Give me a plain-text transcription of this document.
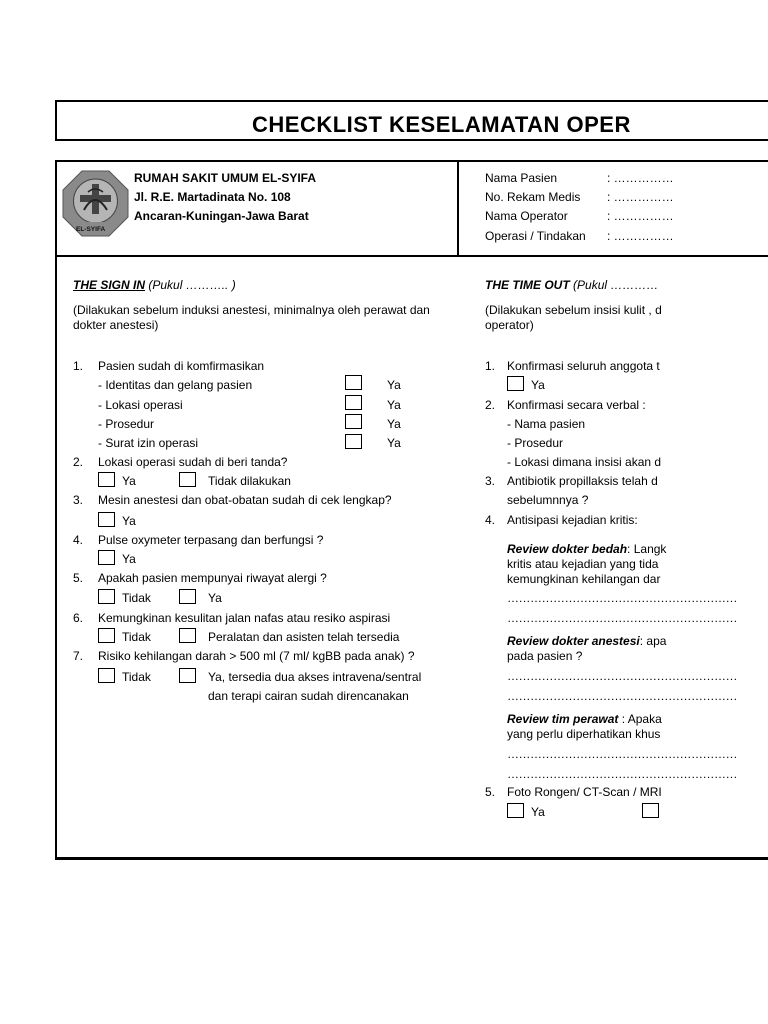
CHECKLIST KESELAMATAN OPER
EL-SYIFA
RUMAH SAKIT UMUM EL-SYIFA
Jl. R.E. Martadinata No. 108
Ancaran-Kuningan-Jawa Barat
Nama Pasien	: ……………
No. Rekam Medis : ……………
Nama Operator	: ……………
Operasi / Tindakan : ……………
THE SIGN IN (Pukul ……….. )
(Dilakukan sebelum induksi anestesi, minimalnya oleh perawat dan
dokter anestesi)
1. Pasien sudah di komfirmasikan
- Identitas dan gelang pasien	Ya
- Lokasi operasi	Ya
- Prosedur	Ya
- Surat izin operasi	Ya
2. Lokasi operasi sudah di beri tanda?
Ya	Tidak dilakukan
3. Mesin anestesi dan obat-obatan sudah di cek lengkap?
Ya
4. Pulse oxymeter terpasang dan berfungsi ?
Ya
5. Apakah pasien mempunyai riwayat alergi ?
Tidak	Ya
6. Kemungkinan kesulitan jalan nafas atau resiko aspirasi
Tidak	Peralatan dan asisten telah tersedia
7. Risiko kehilangan darah > 500 ml (7 ml/ kgBB pada anak) ?
Tidak	Ya, tersedia dua akses intravena/sentral
dan terapi cairan sudah direncanakan
THE TIME OUT (Pukul …………
(Dilakukan sebelum insisi kulit , d
operator)
1. Konfirmasi seluruh anggota t
Ya
2. Konfirmasi secara verbal :
- Nama pasien
- Prosedur
- Lokasi dimana insisi akan d
3. Antibiotik propillaksis telah d
sebelumnnya ?
4. Antisipasi kejadian kritis:
Review dokter bedah: Langk
kritis atau kejadian yang tida
kemungkinan kehilangan dar
……………………………………………………
……………………………………………………
Review dokter anestesi: apa
pada pasien ?
……………………………………………………
……………………………………………………
Review tim perawat : Apaka
yang perlu diperhatikan khus
……………………………………………………
……………………………………………………
5. Foto Rongen/ CT-Scan / MRI
Ya
